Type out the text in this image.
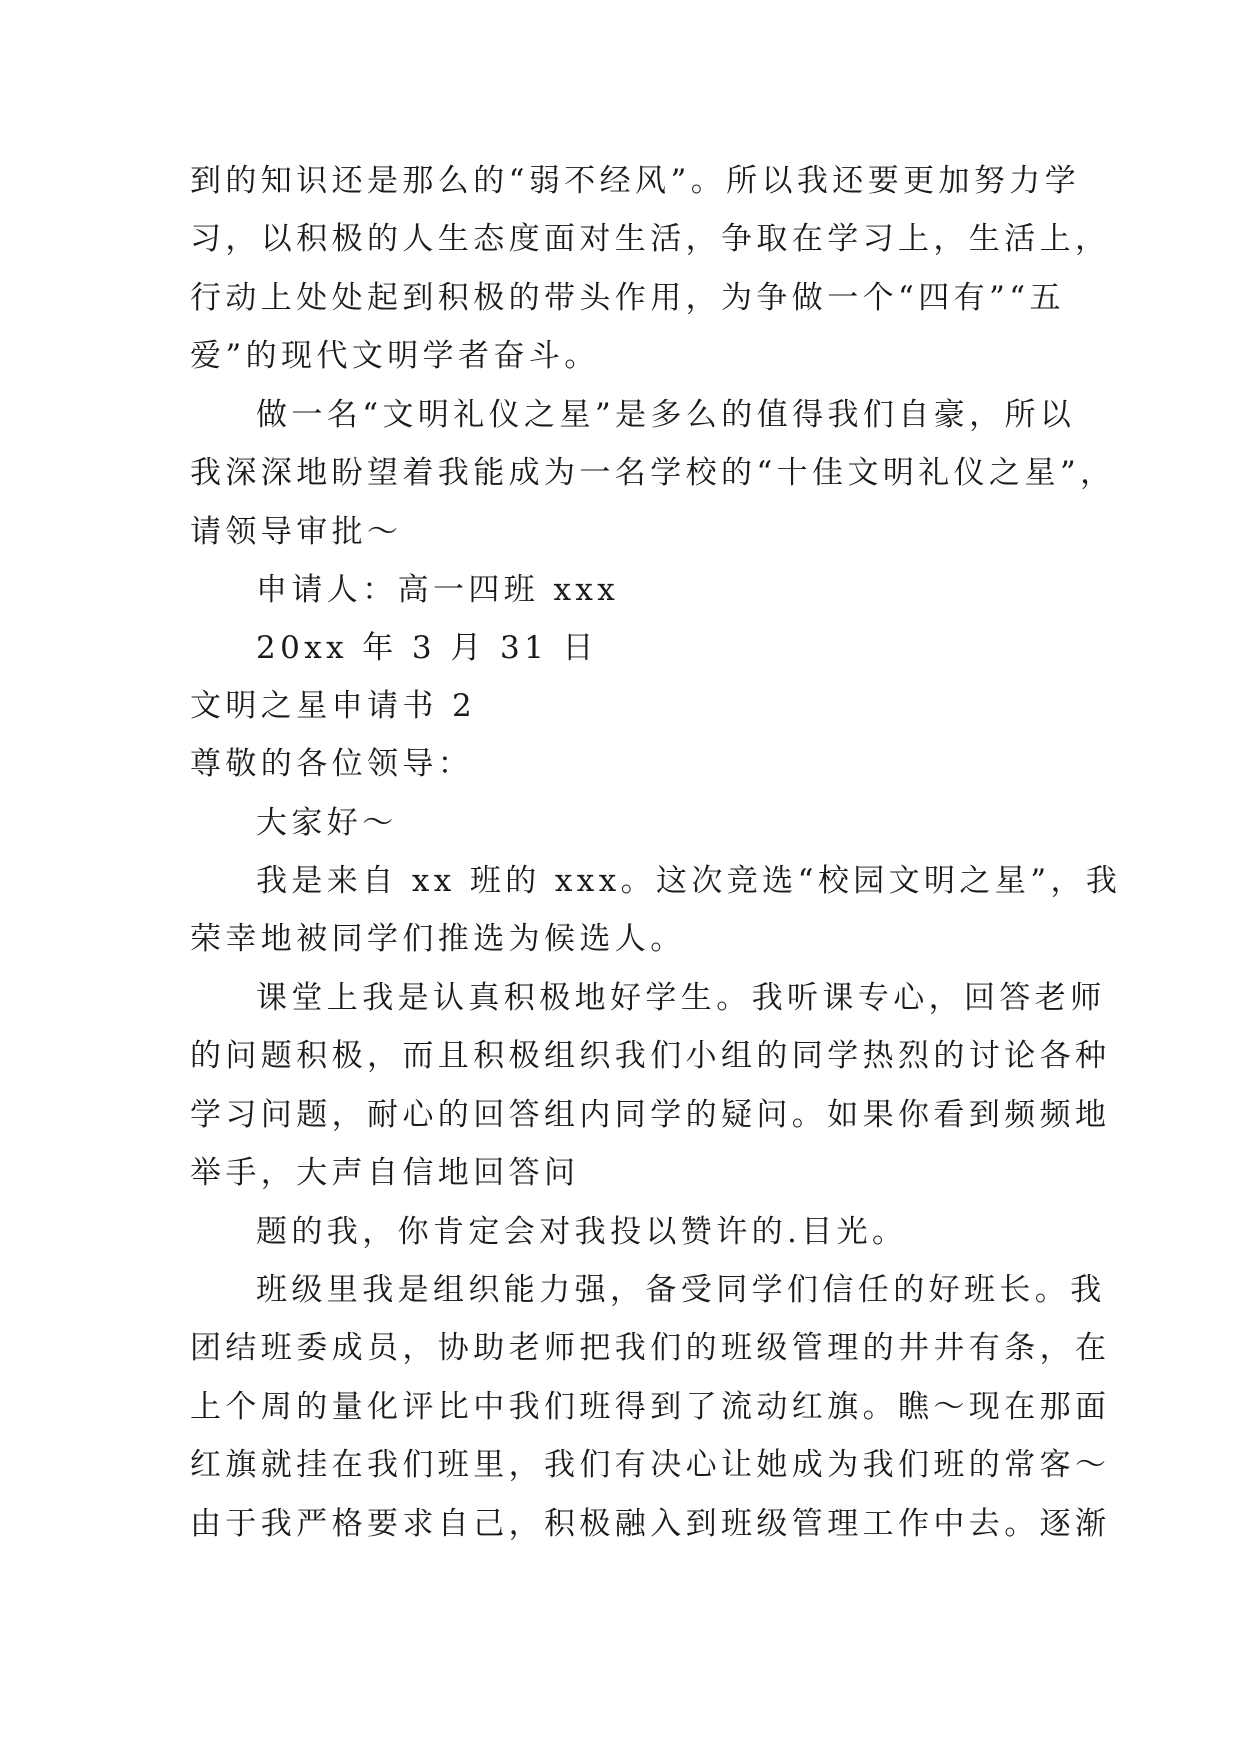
到的知识还是那么的“弱不经风”。所以我还要更加努力学
习，以积极的人生态度面对生活，争取在学习上，生活上，
行动上处处起到积极的带头作用，为争做一个“四有”“五
爱”的现代文明学者奋斗。
做一名“文明礼仪之星”是多么的值得我们自豪，所以
我深深地盼望着我能成为一名学校的“十佳文明礼仪之星”，
请领导审批～
申请人：高一四班 xxx
20xx 年 3 月 31 日
文明之星申请书 2
尊敬的各位领导：
大家好～
我是来自 xx 班的 xxx。这次竞选“校园文明之星”，我
荣幸地被同学们推选为候选人。
课堂上我是认真积极地好学生。我听课专心，回答老师
的问题积极，而且积极组织我们小组的同学热烈的讨论各种
学习问题，耐心的回答组内同学的疑问。如果你看到频频地
举手，大声自信地回答问
题的我，你肯定会对我投以赞许的.目光。
班级里我是组织能力强，备受同学们信任的好班长。我
团结班委成员，协助老师把我们的班级管理的井井有条，在
上个周的量化评比中我们班得到了流动红旗。瞧～现在那面
红旗就挂在我们班里，我们有决心让她成为我们班的常客～
由于我严格要求自己，积极融入到班级管理工作中去。逐渐
